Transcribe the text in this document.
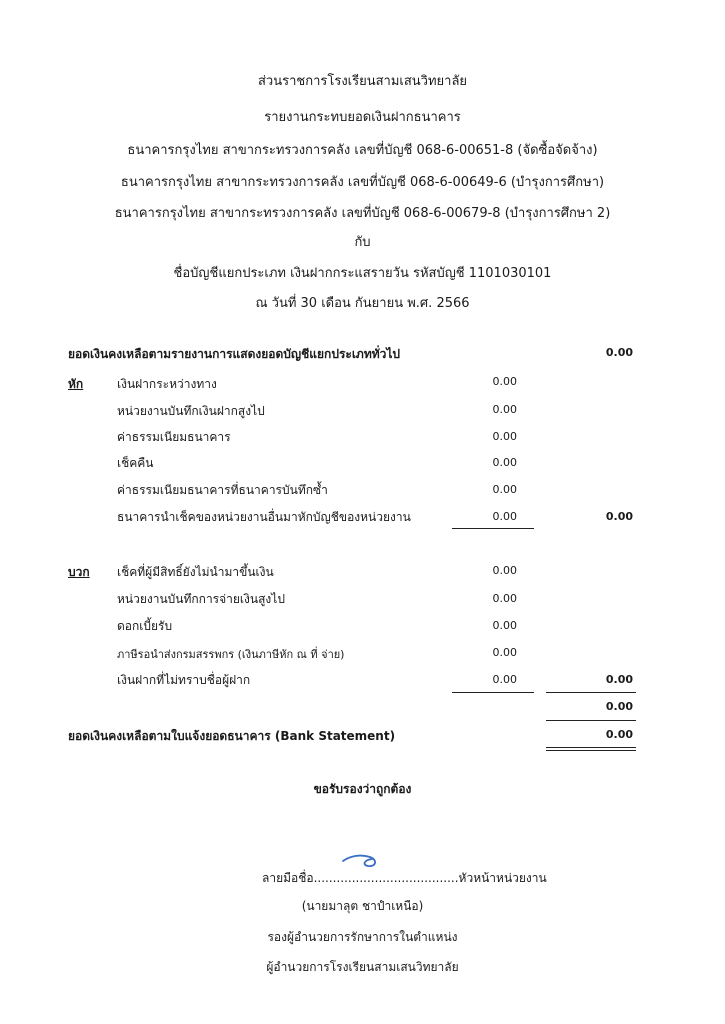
ส่วนราชการโรงเรียนสามเสนวิทยาลัย
รายงานกระทบยอดเงินฝากธนาคาร
ธนาคารกรุงไทย สาขากระทรวงการคลัง เลขที่บัญชี 068-6-00651-8 (จัดซื้อจัดจ้าง)
ธนาคารกรุงไทย สาขากระทรวงการคลัง เลขที่บัญชี 068-6-00649-6 (บำรุงการศึกษา)
ธนาคารกรุงไทย สาขากระทรวงการคลัง เลขที่บัญชี 068-6-00679-8 (บำรุงการศึกษา 2)
กับ
ชื่อบัญชีแยกประเภท เงินฝากกระแสรายวัน รหัสบัญชี 1101030101
ณ วันที่ 30 เดือน กันยายน พ.ศ. 2566
ยอดเงินคงเหลือตามรายงานการแสดงยอดบัญชีแยกประเภททั่วไป	0.00
หัก	เงินฝากระหว่างทาง	0.00
หน่วยงานบันทึกเงินฝากสูงไป	0.00
ค่าธรรมเนียมธนาคาร	0.00
เช็คคืน	0.00
ค่าธรรมเนียมธนาคารที่ธนาคารบันทึกซ้ำ	0.00
ธนาคารนำเช็คของหน่วยงานอื่นมาหักบัญชีของหน่วยงาน	0.00	0.00
บวก เช็คที่ผู้มีสิทธิ์ยังไม่นำมาขึ้นเงิน	0.00
หน่วยงานบันทึกการจ่ายเงินสูงไป	0.00
ดอกเบี้ยรับ	0.00
ภาษีรอนำส่งกรมสรรพกร (เงินภาษีหัก ณ ที่ จ่าย)	0.00
เงินฝากที่ไม่ทราบชื่อผู้ฝาก	0.00	0.00
0.00
ยอดเงินคงเหลือตามใบแจ้งยอดธนาคาร (Bank Statement)	0.00
ขอรับรองว่าถูกต้อง
ลายมือชื่อ......................................หัวหน้าหน่วยงาน
(นายมาลุต ชาปำเหนือ)
รองผู้อำนวยการรักษาการในตำแหน่ง
ผู้อำนวยการโรงเรียนสามเสนวิทยาลัย
